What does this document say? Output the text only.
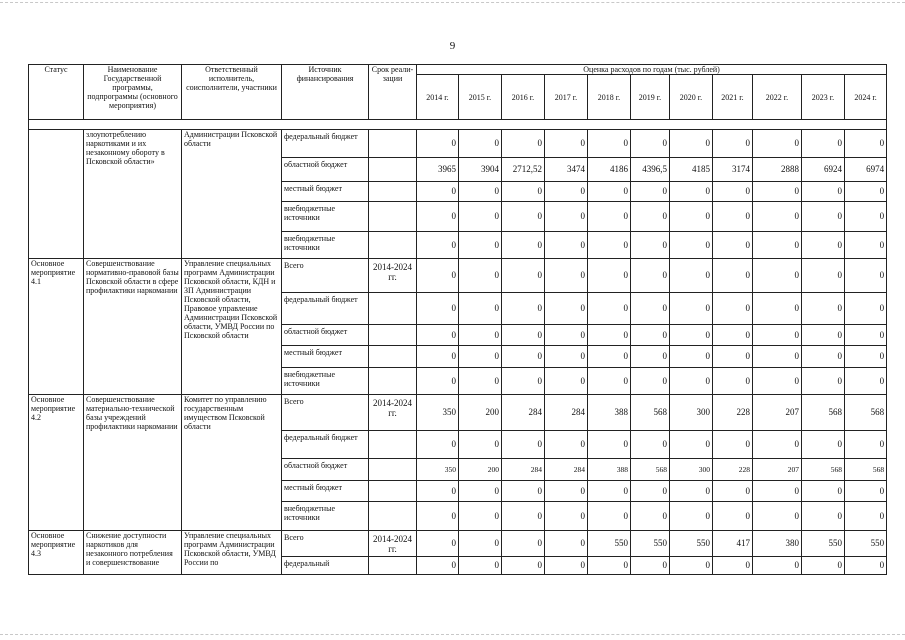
9
Статус	Наименование Государственной программы, подпрограммы (основного мероприятия)	Ответственный исполнитель, соисполнители, участники	Источник финансирования	Срок реали-зации	Оценка расходов по годам (тыс. рублей)										
					2014 г.	2015 г.	2016 г.	2017 г.	2018 г.	2019 г.	2020 г.	2021 г.	2022 г.	2023 г.	2024 г.

	злоупотреблению наркотиками и их незаконному обороту в Псковской области»	Администрации Псковской области	федеральный бюджет		0	0	0	0	0	0	0	0	0	0	0
			областной бюджет		3965	3904	2712,52	3474	4186	4396,5	4185	3174	2888	6924	6974
			местный бюджет		0	0	0	0	0	0	0	0	0	0	0
			внебюджетные источники		0	0	0	0	0	0	0	0	0	0	0
			внебюджетные источники		0	0	0	0	0	0	0	0	0	0	0
Основное мероприятие 4.1	Совершенствование нормативно-правовой базы Псковской области в сфере профилактики наркомании	Управление специальных программ Администрации Псковской области, КДН и ЗП Администрации Псковской области, Правовое управление Администрации Псковской области, УМВД России по Псковской области	Всего	2014-2024 гг.	0	0	0	0	0	0	0	0	0	0	0
			федеральный бюджет		0	0	0	0	0	0	0	0	0	0	0
			областной бюджет		0	0	0	0	0	0	0	0	0	0	0
			местный бюджет		0	0	0	0	0	0	0	0	0	0	0
			внебюджетные источники		0	0	0	0	0	0	0	0	0	0	0
Основное мероприятие 4.2	Совершенствование материально-технической базы учреждений профилактики наркомании	Комитет по управлению государственным имуществом Псковской области	Всего	2014-2024 гг.	350	200	284	284	388	568	300	228	207	568	568
			федеральный бюджет		0	0	0	0	0	0	0	0	0	0	0
			областной бюджет		350	200	284	284	388	568	300	228	207	568	568
			местный бюджет		0	0	0	0	0	0	0	0	0	0	0
			внебюджетные источники		0	0	0	0	0	0	0	0	0	0	0
Основное мероприятие 4.3	Снижение доступности наркотиков для незаконного потребления и совершенствование	Управление специальных программ Администрации Псковской области, УМВД России по	Всего	2014-2024 гг.	0	0	0	0	550	550	550	417	380	550	550
			федеральный		0	0	0	0	0	0	0	0	0	0	0
